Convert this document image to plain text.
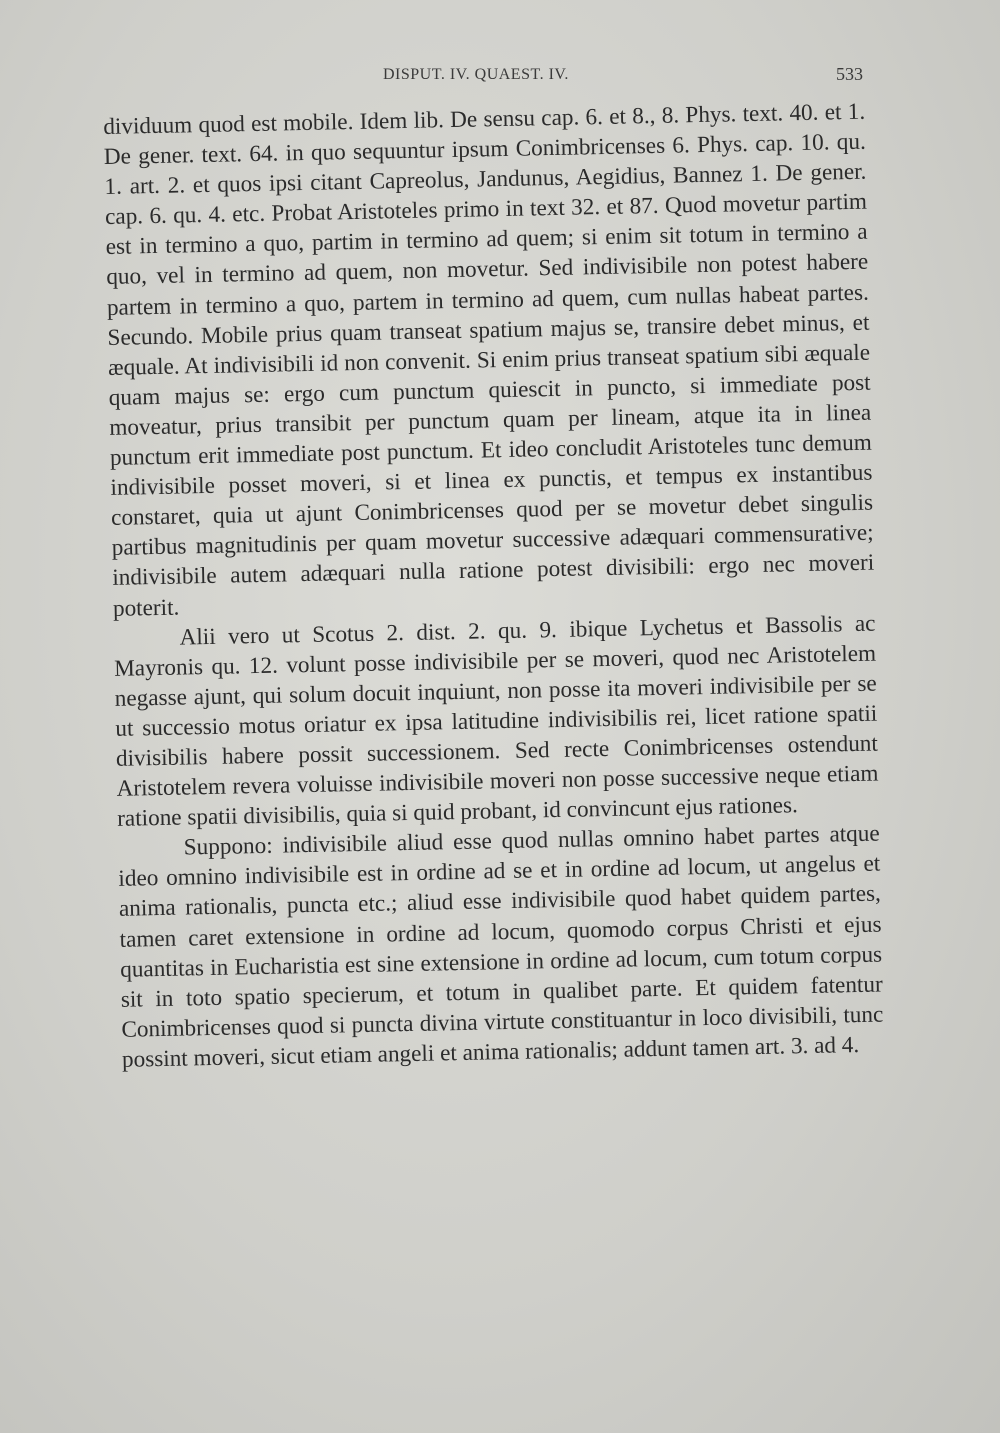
DISPUT. IV. QUAEST. IV.	533

dividuum quod est mobile. Idem lib. De sensu cap. 6. et 8., 8. Phys. text. 40. et 1. De gener. text. 64. in quo sequuntur ipsum Conimbricenses 6. Phys. cap. 10. qu. 1. art. 2. et quos ipsi citant Capreolus, Jandunus, Aegidius, Bannez 1. De gener. cap. 6. qu. 4. etc. Probat Aristoteles primo in text 32. et 87. Quod movetur partim est in termino a quo, partim in termino ad quem; si enim sit totum in termino a quo, vel in termino ad quem, non movetur. Sed indivisibile non potest habere partem in termino a quo, partem in termino ad quem, cum nullas habeat partes. Secundo. Mobile prius quam transeat spatium majus se, transire debet minus, et æquale. At indivisibili id non convenit. Si enim prius transeat spatium sibi æquale quam majus se: ergo cum punctum quiescit in puncto, si immediate post moveatur, prius transibit per punctum quam per lineam, atque ita in linea punctum erit immediate post punctum. Et ideo concludit Aristoteles tunc demum indivisibile posset moveri, si et linea ex punctis, et tempus ex instantibus constaret, quia ut ajunt Conimbricenses quod per se movetur debet singulis partibus magnitudinis per quam movetur successive adæquari commensurative; indivisibile autem adæquari nulla ratione potest divisibili: ergo nec moveri poterit.

Alii vero ut Scotus 2. dist. 2. qu. 9. ibique Lychetus et Bassolis ac Mayronis qu. 12. volunt posse indivisibile per se moveri, quod nec Aristotelem negasse ajunt, qui solum docuit inquiunt, non posse ita moveri indivisibile per se ut successio motus oriatur ex ipsa latitudine indivisibilis rei, licet ratione spatii divisibilis habere possit successionem. Sed recte Conimbricenses ostendunt Aristotelem revera voluisse indivisibile moveri non posse successive neque etiam ratione spatii divisibilis, quia si quid probant, id convincunt ejus rationes.

Suppono: indivisibile aliud esse quod nullas omnino habet partes atque ideo omnino indivisibile est in ordine ad se et in ordine ad locum, ut angelus et anima rationalis, puncta etc.; aliud esse indivisibile quod habet quidem partes, tamen caret extensione in ordine ad locum, quomodo corpus Christi et ejus quantitas in Eucharistia est sine extensione in ordine ad locum, cum totum corpus sit in toto spatio specierum, et totum in qualibet parte. Et quidem fatentur Conimbricenses quod si puncta divina virtute constituantur in loco divisibili, tunc possint moveri, sicut etiam angeli et anima rationalis; addunt tamen art. 3. ad 4.
